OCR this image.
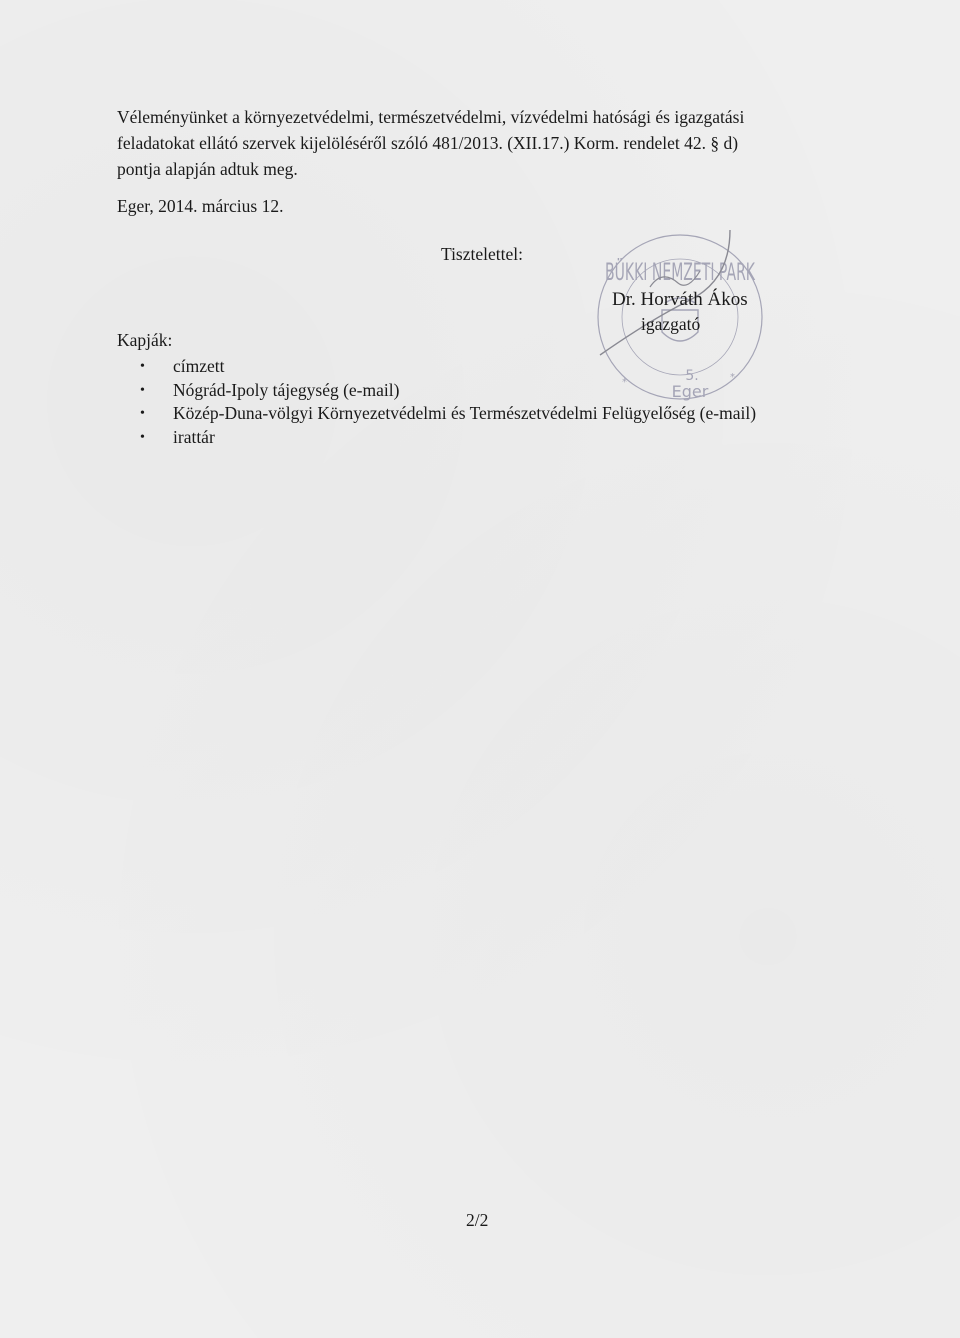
Véleményünket a környezetvédelmi, természetvédelmi, vízvédelmi hatósági és igazgatási
feladatokat ellátó szervek kijelöléséről szóló 481/2013. (XII.17.) Korm. rendelet 42. § d)
pontja alapján adtuk meg.

Eger, 2014. március 12.

Tisztelettel:

BÜKKI NEMZETI PARK
5.
Eger
*	*

Dr. Horváth Ákos

igazgató

Kapják:

• címzett
• Nógrád-Ipoly tájegység (e-mail)
• Közép-Duna-völgyi Környezetvédelmi és Természetvédelmi Felügyelőség (e-mail)
• irattár

2/2
